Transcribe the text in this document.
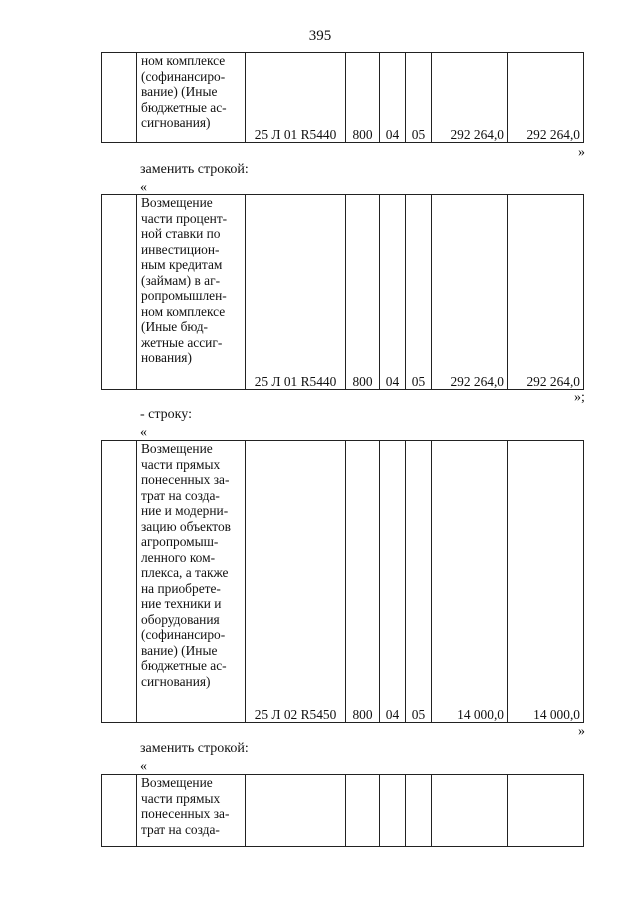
395

ном комплексе
(софинансиро-
вание) (Иные
бюджетные ас-
сигнования)
	25 Л 01 R5440	800	04	05	292 264,0	292 264,0
»
заменить строкой:
«

Возмещение
части процент-
ной ставки по
инвестицион-
ным кредитам
(займам) в аг-
ропромышлен-
ном комплексе
(Иные бюд-
жетные ассиг-
нования)
	25 Л 01 R5440	800	04	05	292 264,0	292 264,0
»;
- строку:
«

Возмещение
части прямых
понесенных за-
трат на созда-
ние и модерни-
зацию объектов
агропромыш-
ленного ком-
плекса, а также
на приобрете-
ние техники и
оборудования
(софинансиро-
вание) (Иные
бюджетные ас-
сигнования)
	25 Л 02 R5450	800	04	05	14 000,0	14 000,0
»
заменить строкой:
«

Возмещение
части прямых
понесенных за-
трат на созда-
